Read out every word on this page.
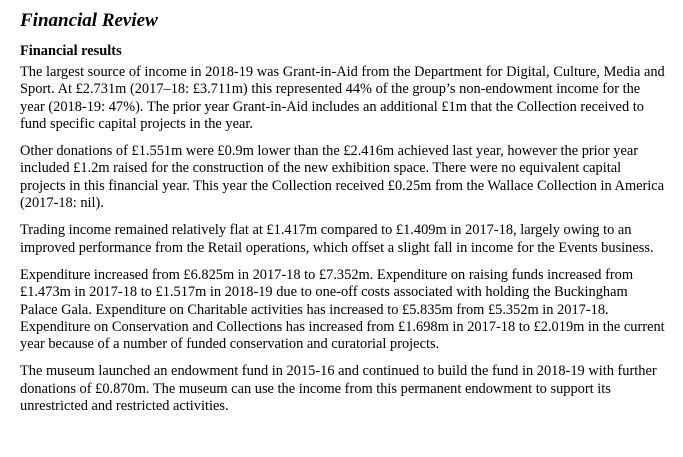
Financial Review
Financial results

The largest source of income in 2018-19 was Grant-in-Aid from the Department for Digital, Culture, Media and Sport. At £2.731m (2017–18: £3.711m) this represented 44% of the group’s non-endowment income for the year (2018-19: 47%). The prior year Grant-in-Aid includes an additional £1m that the Collection received to fund specific capital projects in the year.

Other donations of £1.551m were £0.9m lower than the £2.416m achieved last year, however the prior year included £1.2m raised for the construction of the new exhibition space. There were no equivalent capital projects in this financial year. This year the Collection received £0.25m from the Wallace Collection in America (2017-18: nil).

Trading income remained relatively flat at £1.417m compared to £1.409m in 2017-18, largely owing to an improved performance from the Retail operations, which offset a slight fall in income for the Events business.

Expenditure increased from £6.825m in 2017-18 to £7.352m. Expenditure on raising funds increased from £1.473m in 2017-18 to £1.517m in 2018-19 due to one-off costs associated with holding the Buckingham Palace Gala. Expenditure on Charitable activities has increased to £5.835m from £5.352m in 2017-18. Expenditure on Conservation and Collections has increased from £1.698m in 2017-18 to £2.019m in the current year because of a number of funded conservation and curatorial projects.

The museum launched an endowment fund in 2015-16 and continued to build the fund in 2018-19 with further donations of £0.870m. The museum can use the income from this permanent endowment to support its unrestricted and restricted activities.
